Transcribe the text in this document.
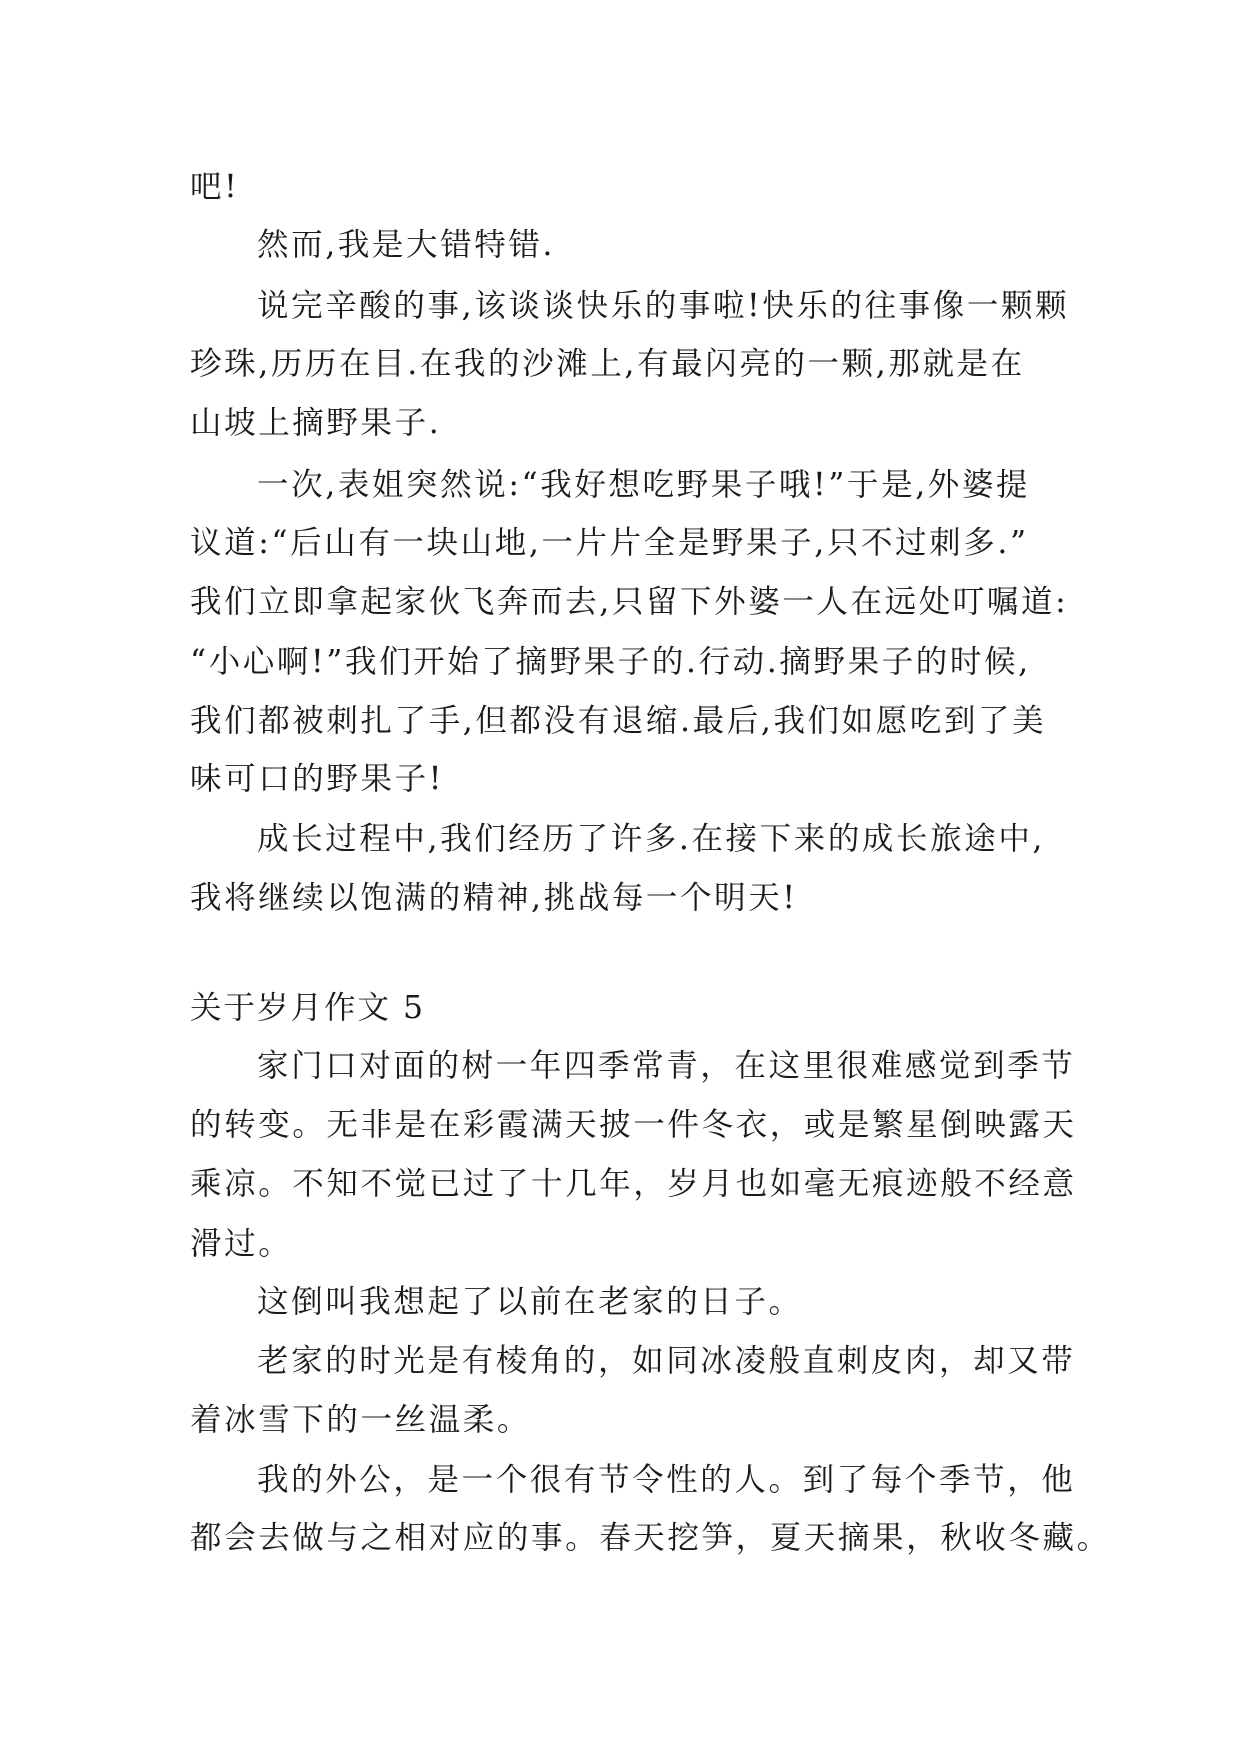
吧!
然而,我是大错特错.
说完辛酸的事,该谈谈快乐的事啦!快乐的往事像一颗颗
珍珠,历历在目.在我的沙滩上,有最闪亮的一颗,那就是在
山坡上摘野果子.
一次,表姐突然说:“我好想吃野果子哦!”于是,外婆提
议道:“后山有一块山地,一片片全是野果子,只不过刺多.”
我们立即拿起家伙飞奔而去,只留下外婆一人在远处叮嘱道:
“小心啊!”我们开始了摘野果子的.行动.摘野果子的时候,
我们都被刺扎了手,但都没有退缩.最后,我们如愿吃到了美
味可口的野果子!
成长过程中,我们经历了许多.在接下来的成长旅途中,
我将继续以饱满的精神,挑战每一个明天!
关于岁月作文 5
家门口对面的树一年四季常青，在这里很难感觉到季节
的转变。无非是在彩霞满天披一件冬衣，或是繁星倒映露天
乘凉。不知不觉已过了十几年，岁月也如毫无痕迹般不经意
滑过。
这倒叫我想起了以前在老家的日子。
老家的时光是有棱角的，如同冰凌般直刺皮肉，却又带
着冰雪下的一丝温柔。
我的外公，是一个很有节令性的人。到了每个季节，他
都会去做与之相对应的事。春天挖笋，夏天摘果，秋收冬藏。
